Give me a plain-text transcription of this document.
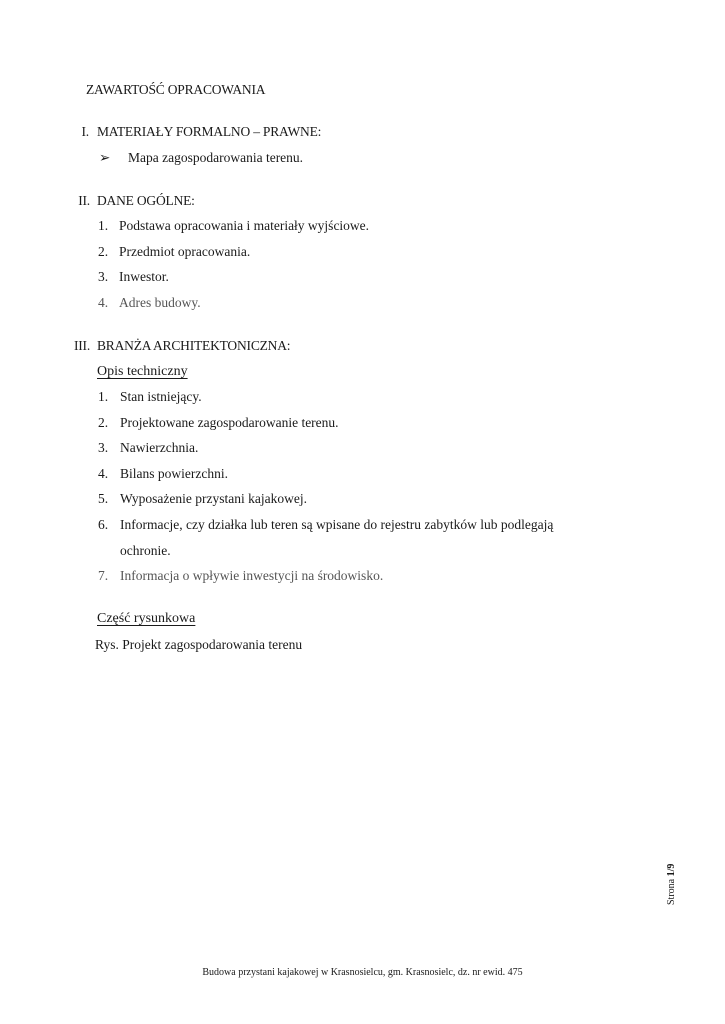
ZAWARTOŚĆ OPRACOWANIA
I. MATERIAŁY FORMALNO – PRAWNE:
➢ Mapa zagospodarowania terenu.
II. DANE OGÓLNE:
1. Podstawa opracowania i materiały wyjściowe.
2. Przedmiot opracowania.
3. Inwestor.
4. Adres budowy.
III. BRANŻA ARCHITEKTONICZNA:
Opis techniczny
1. Stan istniejący.
2. Projektowane zagospodarowanie terenu.
3. Nawierzchnia.
4. Bilans powierzchni.
5. Wyposażenie przystani kajakowej.
6. Informacje, czy działka lub teren są wpisane do rejestru zabytków lub podlegają
ochronie.
7. Informacja o wpływie inwestycji na środowisko.
Część rysunkowa
Rys. Projekt zagospodarowania terenu
Strona 1/9
Budowa przystani kajakowej w Krasnosielcu, gm. Krasnosielc, dz. nr ewid. 475
